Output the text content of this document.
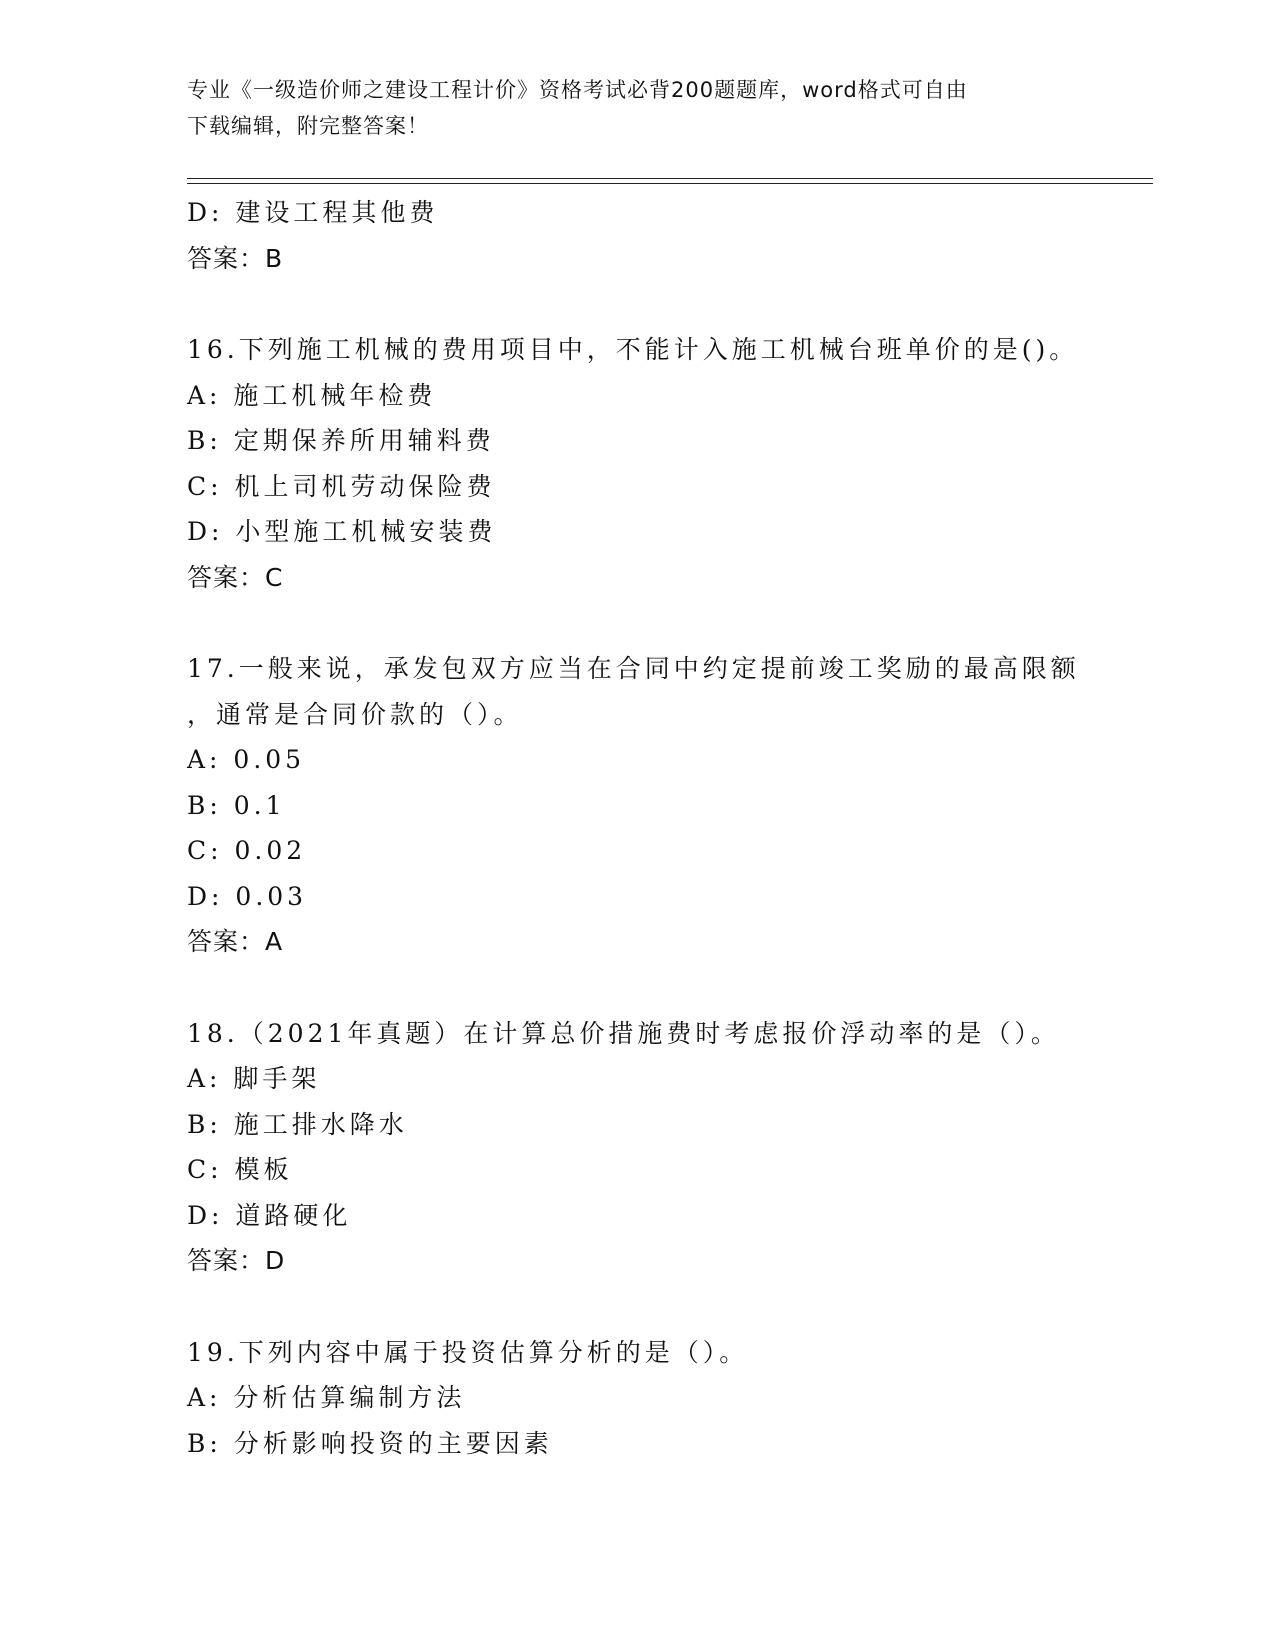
专业《一级造价师之建设工程计价》资格考试必背200题题库，word格式可自由
下载编辑，附完整答案！
D: 建设工程其他费
答案：B
16.下列施工机械的费用项目中，不能计入施工机械台班单价的是()。
A: 施工机械年检费
B: 定期保养所用辅料费
C: 机上司机劳动保险费
D: 小型施工机械安装费
答案：C
17.一般来说，承发包双方应当在合同中约定提前竣工奖励的最高限额
，通常是合同价款的（）。
A: 0.05
B: 0.1
C: 0.02
D: 0.03
答案：A
18.（2021年真题）在计算总价措施费时考虑报价浮动率的是（）。
A: 脚手架
B: 施工排水降水
C: 模板
D: 道路硬化
答案：D
19.下列内容中属于投资估算分析的是（）。
A: 分析估算编制方法
B: 分析影响投资的主要因素
